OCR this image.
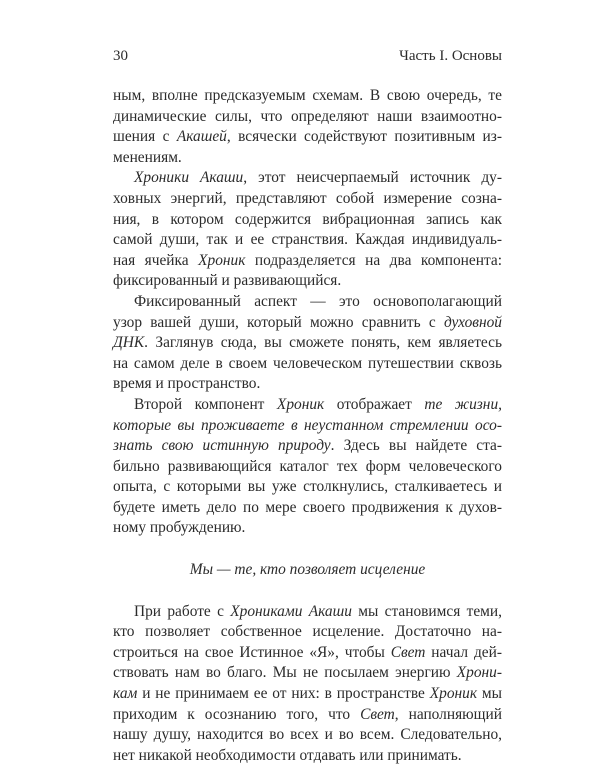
30	Часть I. Основы
ным, вполне предсказуемым схемам. В свою очередь, те
динамические силы, что определяют наши взаимоотно-
шения с Акашей, всячески содействуют позитивным из-
менениям.
Хроники Акаши, этот неисчерпаемый источник ду-
ховных энергий, представляют собой измерение созна-
ния, в котором содержится вибрационная запись как
самой души, так и ее странствия. Каждая индивидуаль-
ная ячейка Хроник подразделяется на два компонента:
фиксированный и развивающийся.
Фиксированный аспект — это основополагающий
узор вашей души, который можно сравнить с духовной
ДНК. Заглянув сюда, вы сможете понять, кем являетесь
на самом деле в своем человеческом путешествии сквозь
время и пространство.
Второй компонент Хроник отображает те жизни,
которые вы проживаете в неустанном стремлении осо-
знать свою истинную природу. Здесь вы найдете ста-
бильно развивающийся каталог тех форм человеческого
опыта, с которыми вы уже столкнулись, сталкиваетесь и
будете иметь дело по мере своего продвижения к духов-
ному пробуждению.
Мы — те, кто позволяет исцеление
При работе с Хрониками Акаши мы становимся теми,
кто позволяет собственное исцеление. Достаточно на-
строиться на свое Истинное «Я», чтобы Свет начал дей-
ствовать нам во благо. Мы не посылаем энергию Хрони-
кам и не принимаем ее от них: в пространстве Хроник мы
приходим к осознанию того, что Свет, наполняющий
нашу душу, находится во всех и во всем. Следовательно,
нет никакой необходимости отдавать или принимать.
